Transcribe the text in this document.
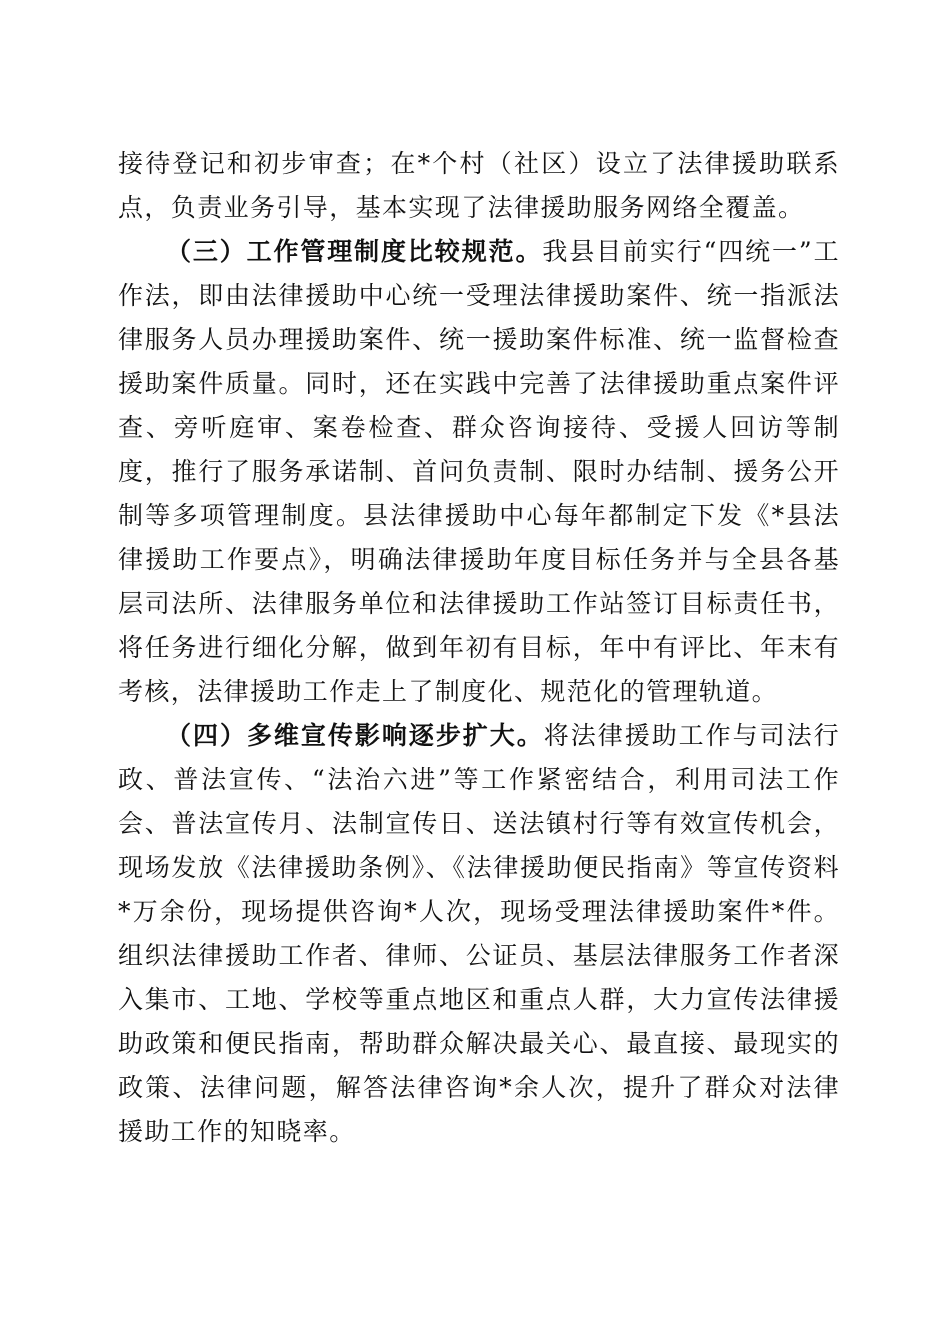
接待登记和初步审查；在*个村（社区）设立了法律援助联系点，负责业务引导，基本实现了法律援助服务网络全覆盖。

（三）工作管理制度比较规范。我县目前实行“四统一”工作法，即由法律援助中心统一受理法律援助案件、统一指派法律服务人员办理援助案件、统一援助案件标准、统一监督检查援助案件质量。同时，还在实践中完善了法律援助重点案件评查、旁听庭审、案卷检查、群众咨询接待、受援人回访等制度，推行了服务承诺制、首问负责制、限时办结制、援务公开制等多项管理制度。县法律援助中心每年都制定下发《*县法律援助工作要点》，明确法律援助年度目标任务并与全县各基层司法所、法律服务单位和法律援助工作站签订目标责任书，将任务进行细化分解，做到年初有目标，年中有评比、年末有考核，法律援助工作走上了制度化、规范化的管理轨道。

（四）多维宣传影响逐步扩大。将法律援助工作与司法行政、普法宣传、“法治六进”等工作紧密结合，利用司法工作会、普法宣传月、法制宣传日、送法镇村行等有效宣传机会，现场发放《法律援助条例》、《法律援助便民指南》等宣传资料*万余份，现场提供咨询*人次，现场受理法律援助案件*件。组织法律援助工作者、律师、公证员、基层法律服务工作者深入集市、工地、学校等重点地区和重点人群，大力宣传法律援助政策和便民指南，帮助群众解决最关心、最直接、最现实的政策、法律问题，解答法律咨询*余人次，提升了群众对法律援助工作的知晓率。
